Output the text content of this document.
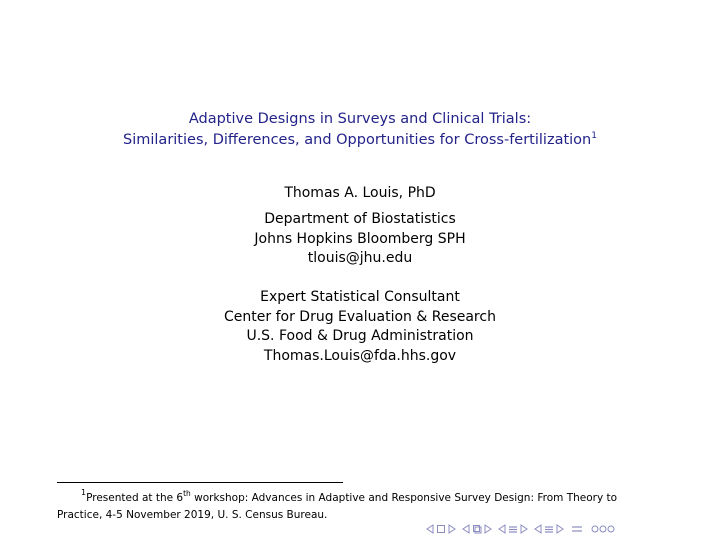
Adaptive Designs in Surveys and Clinical Trials:
Similarities, Differences, and Opportunities for Cross-fertilization$^1$
Thomas A. Louis, PhD
Department of Biostatistics
Johns Hopkins Bloomberg SPH
tlouis@jhu.edu
Expert Statistical Consultant
Center for Drug Evaluation & Research
U.S. Food & Drug Administration
Thomas.Louis@fda.hhs.gov
$^1$Presented at the 6th workshop: Advances in Adaptive and Responsive Survey Design: From Theory to
Practice, 4-5 November 2019, U. S. Census Bureau.
